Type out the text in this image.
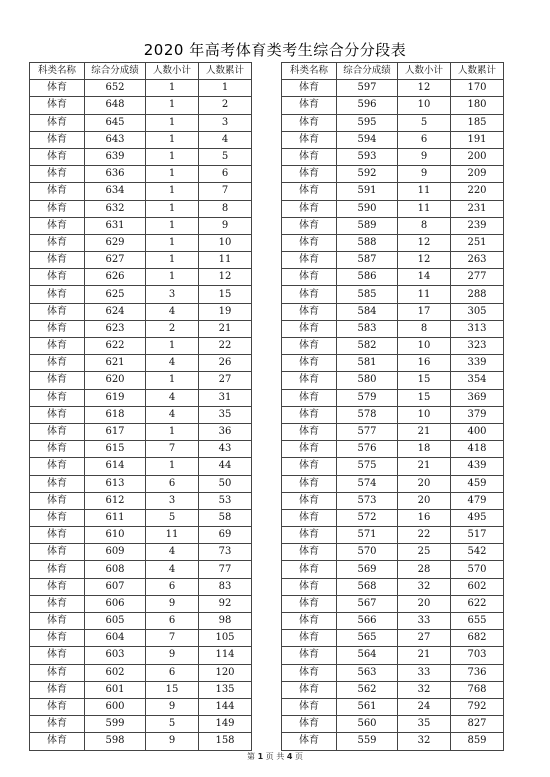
2020 年高考体育类考生综合分分段表
科类名称	综合分成绩	人数小计	人数累计
体育	652	1	1
体育	648	1	2
体育	645	1	3
体育	643	1	4
体育	639	1	5
体育	636	1	6
体育	634	1	7
体育	632	1	8
体育	631	1	9
体育	629	1	10
体育	627	1	11
体育	626	1	12
体育	625	3	15
体育	624	4	19
体育	623	2	21
体育	622	1	22
体育	621	4	26
体育	620	1	27
体育	619	4	31
体育	618	4	35
体育	617	1	36
体育	615	7	43
体育	614	1	44
体育	613	6	50
体育	612	3	53
体育	611	5	58
体育	610	11	69
体育	609	4	73
体育	608	4	77
体育	607	6	83
体育	606	9	92
体育	605	6	98
体育	604	7	105
体育	603	9	114
体育	602	6	120
体育	601	15	135
体育	600	9	144
体育	599	5	149
体育	598	9	158
科类名称	综合分成绩	人数小计	人数累计
体育	597	12	170
体育	596	10	180
体育	595	5	185
体育	594	6	191
体育	593	9	200
体育	592	9	209
体育	591	11	220
体育	590	11	231
体育	589	8	239
体育	588	12	251
体育	587	12	263
体育	586	14	277
体育	585	11	288
体育	584	17	305
体育	583	8	313
体育	582	10	323
体育	581	16	339
体育	580	15	354
体育	579	15	369
体育	578	10	379
体育	577	21	400
体育	576	18	418
体育	575	21	439
体育	574	20	459
体育	573	20	479
体育	572	16	495
体育	571	22	517
体育	570	25	542
体育	569	28	570
体育	568	32	602
体育	567	20	622
体育	566	33	655
体育	565	27	682
体育	564	21	703
体育	563	33	736
体育	562	32	768
体育	561	24	792
体育	560	35	827
体育	559	32	859
第 1 页 共 4 页
